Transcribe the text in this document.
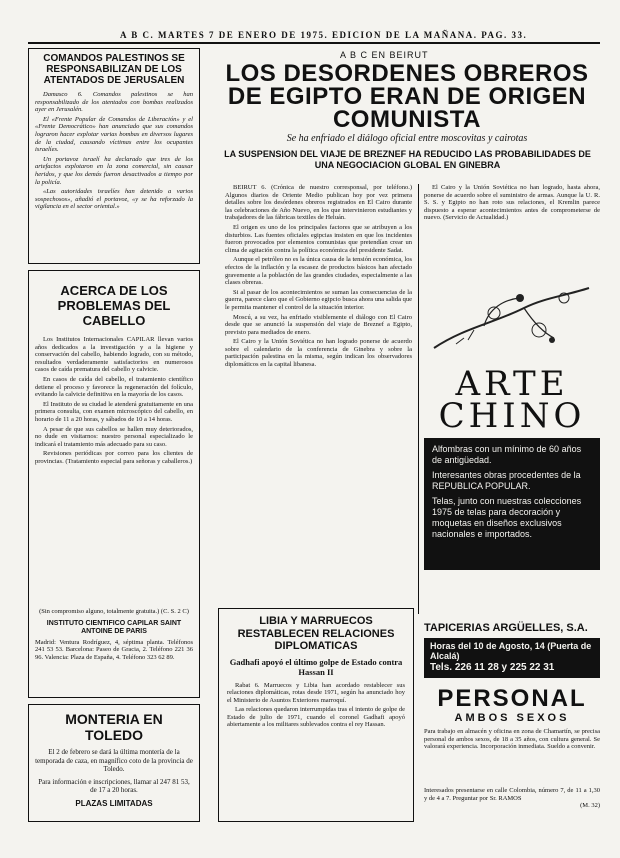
A B C. MARTES 7 DE ENERO DE 1975. EDICION DE LA MAÑANA. PAG. 33.
COMANDOS PALESTINOS SE RESPONSABILIZAN DE LOS ATENTADOS DE JERUSALEN

Damasco 6. Comandos palestinos se han responsabilizado de los atentados con bombas realizados ayer en Jerusalén.

El «Frente Popular de Comandos de Liberación» y el «Frente Democrático» han anunciado que sus comandos lograron hacer explotar varias bombas en diversos lugares de la ciudad, causando víctimas entre los ocupantes israelíes.

Un portavoz israelí ha declarado que tres de los artefactos explotaron en la zona comercial, sin causar heridos, y que los demás fueron desactivados a tiempo por la policía.

«Las autoridades israelíes han detenido a varios sospechosos», añadió el portavoz, «y se ha reforzado la vigilancia en el sector oriental.»

ACERCA DE LOS PROBLEMAS DEL CABELLO

Los Institutos Internacionales CAPILAR llevan varios años dedicados a la investigación y a la higiene y conservación del cabello, habiendo logrado, con su método, resultados verdaderamente satisfactorios en numerosos casos de caída prematura del cabello y calvicie.

En casos de caída del cabello, el tratamiento científico detiene el proceso y favorece la regeneración del folículo, evitando la calvicie definitiva en la mayoría de los casos.

El Instituto de su ciudad le atenderá gratuitamente en una primera consulta, con examen microscópico del cabello, en horario de 11 a 20 horas, y sábados de 10 a 14 horas.

A pesar de que sus cabellos se hallen muy deteriorados, no dude en visitarnos: nuestro personal especializado le indicará el tratamiento más adecuado para su caso.

Revisiones periódicas por correo para los clientes de provincias. (Tratamiento especial para señoras y caballeros.)

(Sin compromiso alguno, totalmente gratuita.) (C. S. 2 C)
INSTITUTO CIENTIFICO CAPILAR SAINT ANTOINE DE PARIS
Madrid: Ventura Rodríguez, 4, séptima planta. Teléfonos 241 53 53. Barcelona: Paseo de Gracia, 2. Teléfono 221 36 96. Valencia: Plaza de España, 4. Teléfono 323 62 89.
MONTERIA EN TOLEDO
El 2 de febrero se dará la última montería de la temporada de caza, en magnífico coto de la provincia de Toledo.
Para información e inscripciones, llamar al 247 81 53, de 17 a 20 horas.
PLAZAS LIMITADAS
A B C EN BEIRUT
LOS DESORDENES OBREROS DE EGIPTO ERAN DE ORIGEN COMUNISTA
Se ha enfriado el diálogo oficial entre moscovitas y cairotas
LA SUSPENSION DEL VIAJE DE BREZNEF HA REDUCIDO LAS PROBABILIDADES DE UNA NEGOCIACION GLOBAL EN GINEBRA

BEIRUT 6. (Crónica de nuestro corresponsal, por teléfono.) Algunos diarios de Oriente Medio publican hoy por vez primera detalles sobre los desórdenes obreros registrados en El Cairo durante las celebraciones de Año Nuevo, en los que intervinieron estudiantes y trabajadores de las fábricas textiles de Heluán.

El origen es uno de los principales factores que se atribuyen a los disturbios. Las fuentes oficiales egipcias insisten en que los incidentes fueron provocados por elementos comunistas que pretendían crear un clima de agitación contra la política económica del presidente Sadat.

Aunque el petróleo no es la única causa de la tensión económica, los efectos de la inflación y la escasez de productos básicos han afectado gravemente a la población de las grandes ciudades, especialmente a las clases obreras.

Si al pasar de los acontecimientos se suman las consecuencias de la guerra, parece claro que el Gobierno egipcio busca ahora una salida que le permita mantener el control de la situación interior.

Moscú, a su vez, ha enfriado visiblemente el diálogo con El Cairo desde que se anunció la suspensión del viaje de Breznef a Egipto, previsto para mediados de enero.

El Cairo y la Unión Soviética no han logrado ponerse de acuerdo sobre el calendario de la conferencia de Ginebra y sobre la participación palestina en la misma, según indican los observadores diplomáticos en la capital libanesa.

El Cairo y la Unión Soviética no han logrado, hasta ahora, ponerse de acuerdo sobre el suministro de armas. Aunque la U. R. S. S. y Egipto no han roto sus relaciones, el Kremlin parece dispuesto a esperar acontecimientos antes de comprometerse de nuevo. (Servicio de Actualidad.)

ARTE
CHINO
Alfombras con un mínimo de 60 años de antigüedad.
Interesantes obras procedentes de la REPUBLICA POPULAR.
Telas, junto con nuestras colecciones 1975 de telas para decoración y moquetas en diseños exclusivos nacionales e importados.
TAPICERIAS ARGÜELLES, S.A.
Horas del 10 de Agosto, 14 (Puerta de Alcalá)
Tels. 226 11 28 y 225 22 31
LIBIA Y MARRUECOS RESTABLECEN RELACIONES DIPLOMATICAS
Gadhafi apoyó el último golpe de Estado contra Hassan II

Rabat 6. Marruecos y Libia han acordado restablecer sus relaciones diplomáticas, rotas desde 1971, según ha anunciado hoy el Ministerio de Asuntos Exteriores marroquí.

Las relaciones quedaron interrumpidas tras el intento de golpe de Estado de julio de 1971, cuando el coronel Gadhafi apoyó abiertamente a los militares sublevados contra el rey Hassan.

PERSONAL
AMBOS SEXOS
Para trabajo en almacén y oficina en zona de Chamartín, se precisa personal de ambos sexos, de 18 a 35 años, con cultura general. Se valorará experiencia. Incorporación inmediata. Sueldo a convenir.
Interesados presentarse en calle Colombia, número 7, de 11 a 1,30 y de 4 a 7. Preguntar por Sr. RAMOS
(M. 32)
